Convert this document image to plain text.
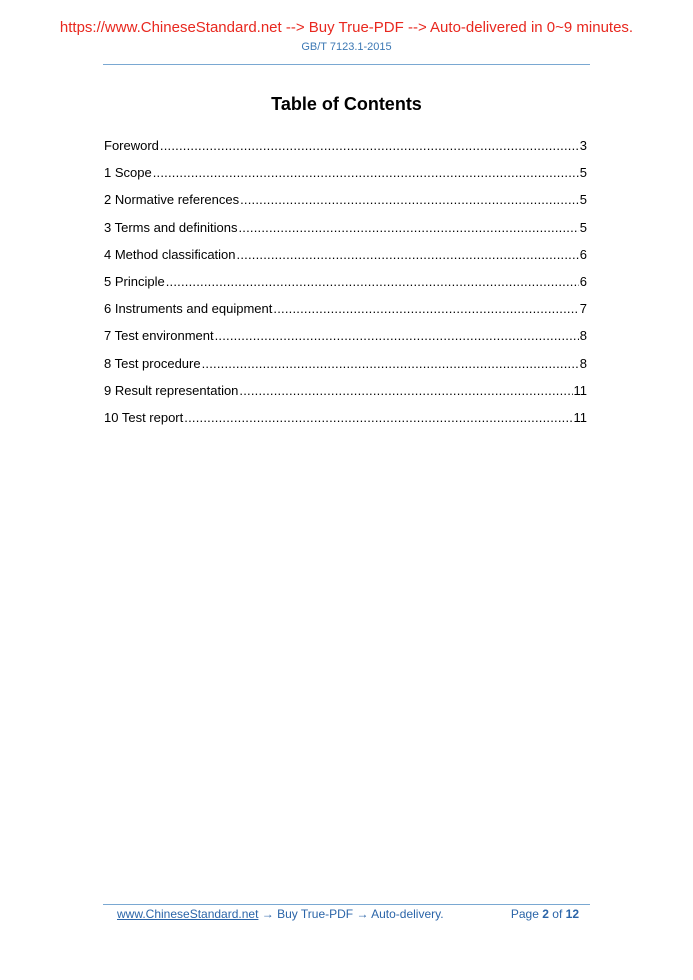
https://www.ChineseStandard.net --> Buy True-PDF --> Auto-delivered in 0~9 minutes.
GB/T 7123.1-2015
Table of Contents
Foreword .....	3
1 Scope .....	5
2 Normative references .....	5
3 Terms and definitions .....	5
4 Method classification .....	6
5 Principle .....	6
6 Instruments and equipment .....	7
7 Test environment .....	8
8 Test procedure .....	8
9 Result representation .....	11
10 Test report .....	11
www.ChineseStandard.net → Buy True-PDF → Auto-delivery.	Page 2 of 12
